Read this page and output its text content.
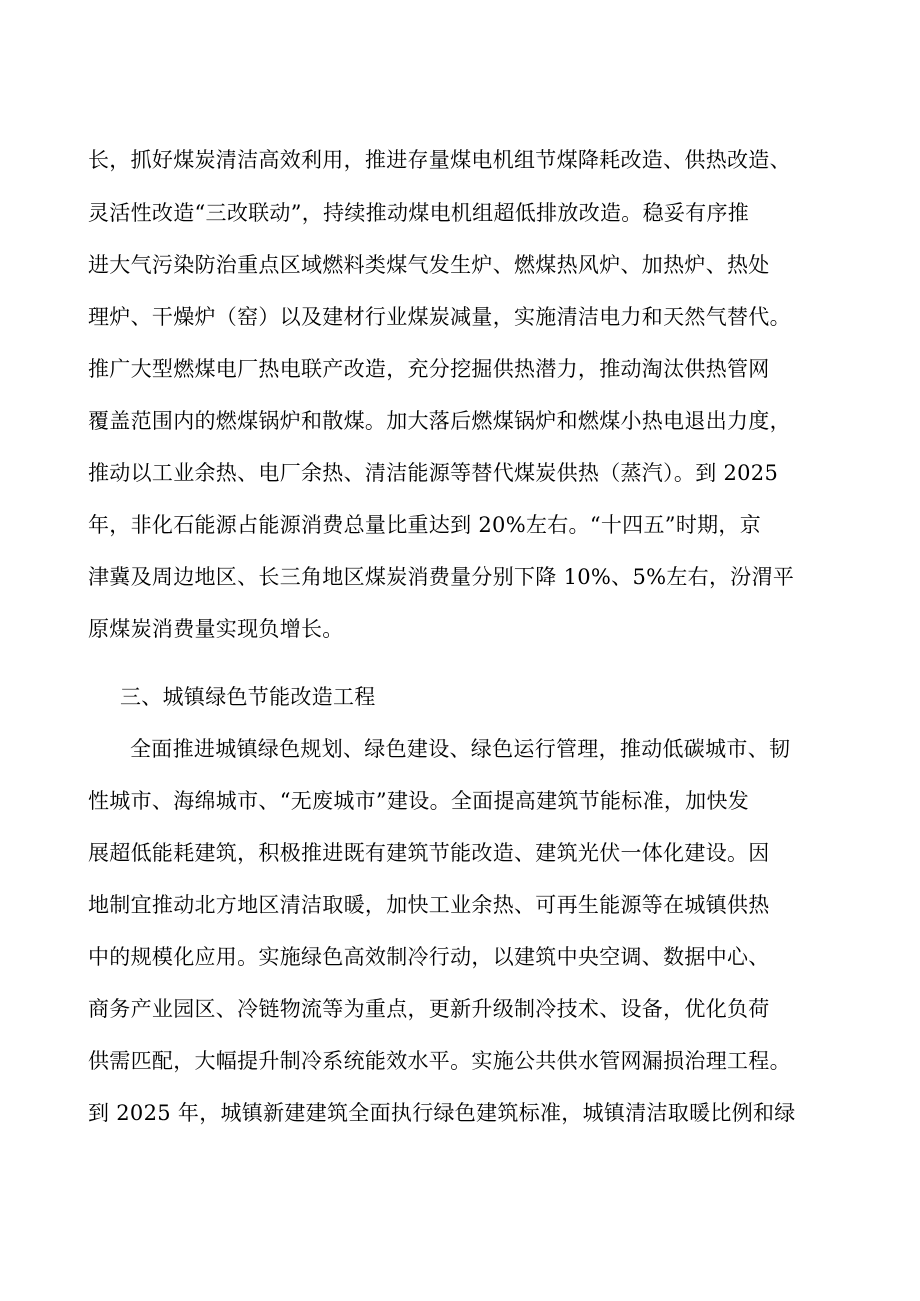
长，抓好煤炭清洁高效利用，推进存量煤电机组节煤降耗改造、供热改造、
灵活性改造“三改联动”，持续推动煤电机组超低排放改造。稳妥有序推
进大气污染防治重点区域燃料类煤气发生炉、燃煤热风炉、加热炉、热处
理炉、干燥炉（窑）以及建材行业煤炭减量，实施清洁电力和天然气替代。
推广大型燃煤电厂热电联产改造，充分挖掘供热潜力，推动淘汰供热管网
覆盖范围内的燃煤锅炉和散煤。加大落后燃煤锅炉和燃煤小热电退出力度，
推动以工业余热、电厂余热、清洁能源等替代煤炭供热（蒸汽）。到 2025
年，非化石能源占能源消费总量比重达到 20%左右。“十四五”时期，京
津冀及周边地区、长三角地区煤炭消费量分别下降 10%、5%左右，汾渭平
原煤炭消费量实现负增长。
三、城镇绿色节能改造工程
全面推进城镇绿色规划、绿色建设、绿色运行管理，推动低碳城市、韧
性城市、海绵城市、“无废城市”建设。全面提高建筑节能标准，加快发
展超低能耗建筑，积极推进既有建筑节能改造、建筑光伏一体化建设。因
地制宜推动北方地区清洁取暖，加快工业余热、可再生能源等在城镇供热
中的规模化应用。实施绿色高效制冷行动，以建筑中央空调、数据中心、
商务产业园区、冷链物流等为重点，更新升级制冷技术、设备，优化负荷
供需匹配，大幅提升制冷系统能效水平。实施公共供水管网漏损治理工程。
到 2025 年，城镇新建建筑全面执行绿色建筑标准，城镇清洁取暖比例和绿
